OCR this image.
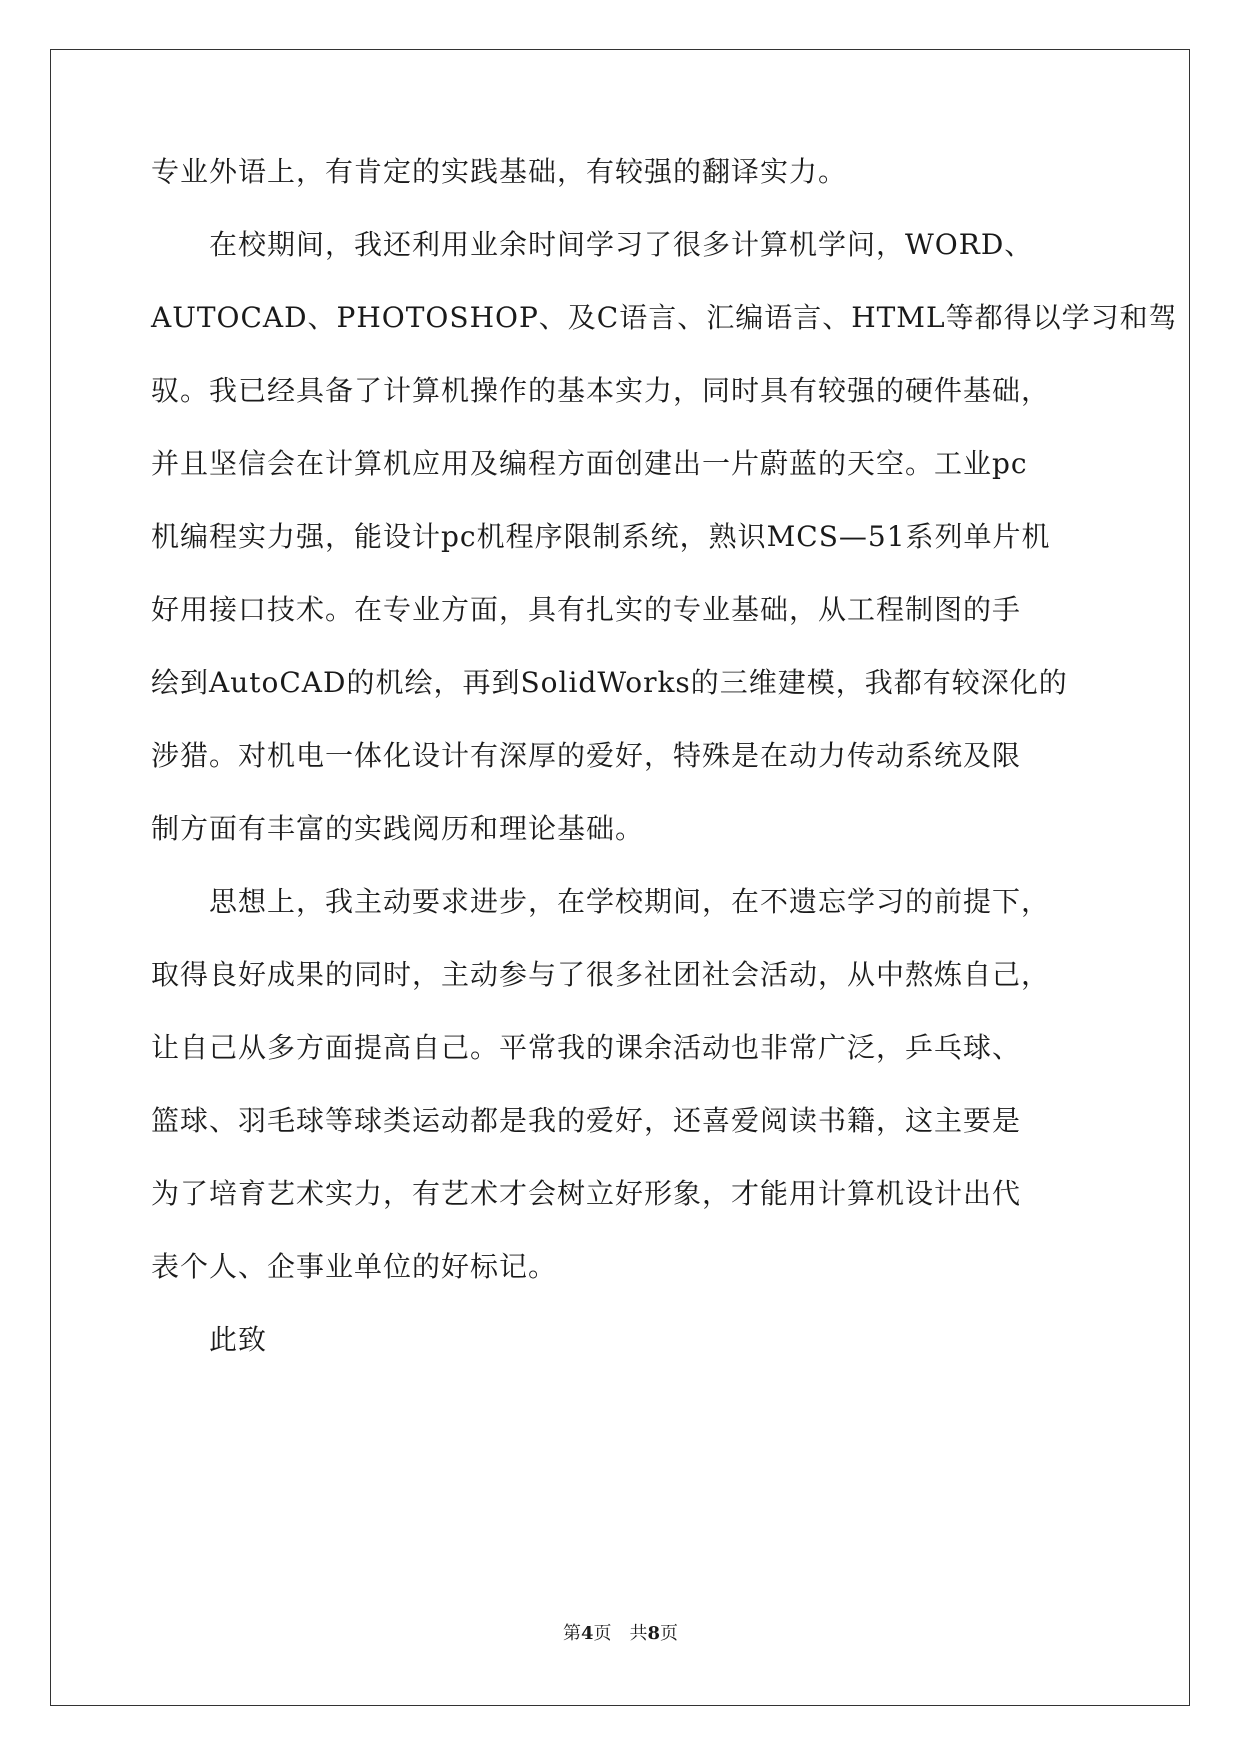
专业外语上，有肯定的实践基础，有较强的翻译实力。
　　在校期间，我还利用业余时间学习了很多计算机学问，WORD、
AUTOCAD、PHOTOSHOP、及C语言、汇编语言、HTML等都得以学习和驾
驭。我已经具备了计算机操作的基本实力，同时具有较强的硬件基础，
并且坚信会在计算机应用及编程方面创建出一片蔚蓝的天空。工业pc
机编程实力强，能设计pc机程序限制系统，熟识MCS—51系列单片机
好用接口技术。在专业方面，具有扎实的专业基础，从工程制图的手
绘到AutoCAD的机绘，再到SolidWorks的三维建模，我都有较深化的
涉猎。对机电一体化设计有深厚的爱好，特殊是在动力传动系统及限
制方面有丰富的实践阅历和理论基础。
　　思想上，我主动要求进步，在学校期间，在不遗忘学习的前提下，
取得良好成果的同时，主动参与了很多社团社会活动，从中熬炼自己，
让自己从多方面提高自己。平常我的课余活动也非常广泛，乒乓球、
篮球、羽毛球等球类运动都是我的爱好，还喜爱阅读书籍，这主要是
为了培育艺术实力，有艺术才会树立好形象，才能用计算机设计出代
表个人、企事业单位的好标记。
　　此致
第4页　共8页
